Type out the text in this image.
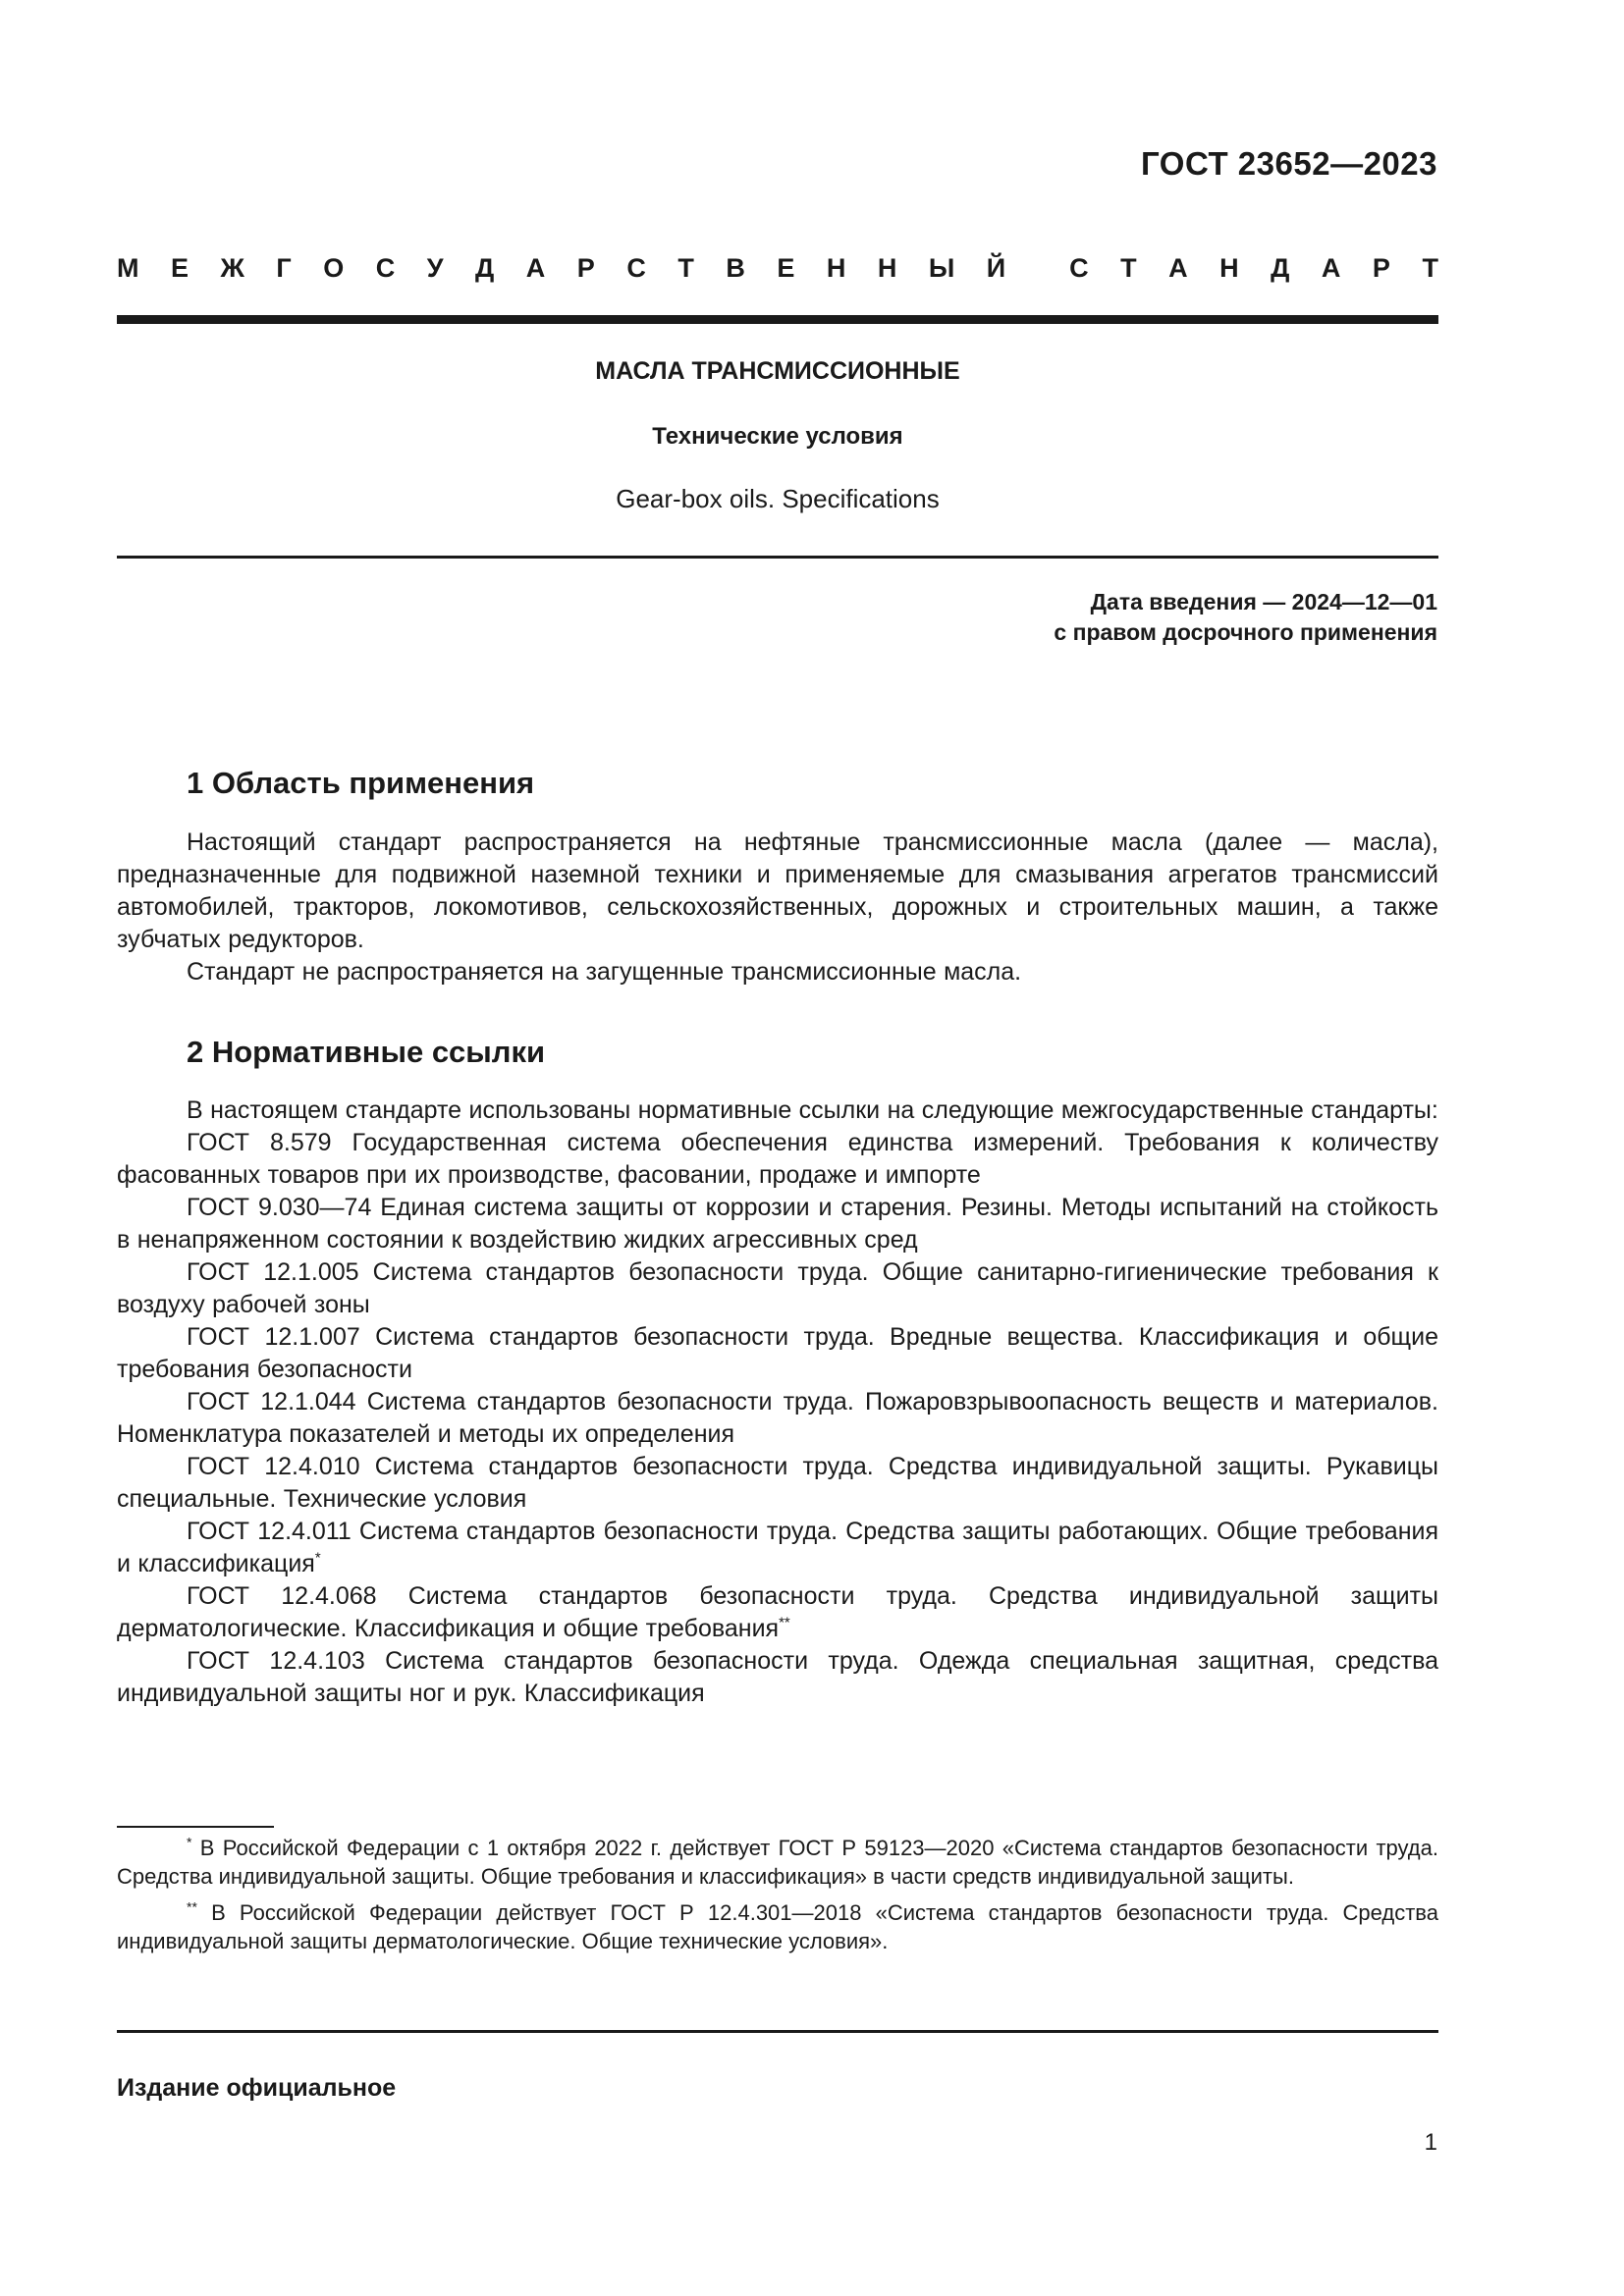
ГОСТ 23652—2023
М Е Ж Г О С У Д А Р С Т В Е Н Н Ы Й С Т А Н Д А Р Т
МАСЛА ТРАНСМИССИОННЫЕ
Технические условия
Gear-box oils. Specifications
Дата введения — 2024—12—01
с правом досрочного применения
1 Область применения

Настоящий стандарт распространяется на нефтяные трансмиссионные масла (далее — масла), предназначенные для подвижной наземной техники и применяемые для смазывания агрегатов трансмиссий автомобилей, тракторов, локомотивов, сельскохозяйственных, дорожных и строительных машин, а также зубчатых редукторов.

Стандарт не распространяется на загущенные трансмиссионные масла.

2 Нормативные ссылки

В настоящем стандарте использованы нормативные ссылки на следующие межгосударственные стандарты:

ГОСТ 8.579 Государственная система обеспечения единства измерений. Требования к количеству фасованных товаров при их производстве, фасовании, продаже и импорте

ГОСТ 9.030—74 Единая система защиты от коррозии и старения. Резины. Методы испытаний на стойкость в ненапряженном состоянии к воздействию жидких агрессивных сред

ГОСТ 12.1.005 Система стандартов безопасности труда. Общие санитарно-гигиенические требования к воздуху рабочей зоны

ГОСТ 12.1.007 Система стандартов безопасности труда. Вредные вещества. Классификация и общие требования безопасности

ГОСТ 12.1.044 Система стандартов безопасности труда. Пожаровзрывоопасность веществ и материалов. Номенклатура показателей и методы их определения

ГОСТ 12.4.010 Система стандартов безопасности труда. Средства индивидуальной защиты. Рукавицы специальные. Технические условия

ГОСТ 12.4.011 Система стандартов безопасности труда. Средства защиты работающих. Общие требования и классификация*

ГОСТ 12.4.068 Система стандартов безопасности труда. Средства индивидуальной защиты дерматологические. Классификация и общие требования**

ГОСТ 12.4.103 Система стандартов безопасности труда. Одежда специальная защитная, средства индивидуальной защиты ног и рук. Классификация

* В Российской Федерации с 1 октября 2022 г. действует ГОСТ Р 59123—2020 «Система стандартов безопасности труда. Средства индивидуальной защиты. Общие требования и классификация» в части средств индивидуальной защиты.

** В Российской Федерации действует ГОСТ Р 12.4.301—2018 «Система стандартов безопасности труда. Средства индивидуальной защиты дерматологические. Общие технические условия».

Издание официальное
1
